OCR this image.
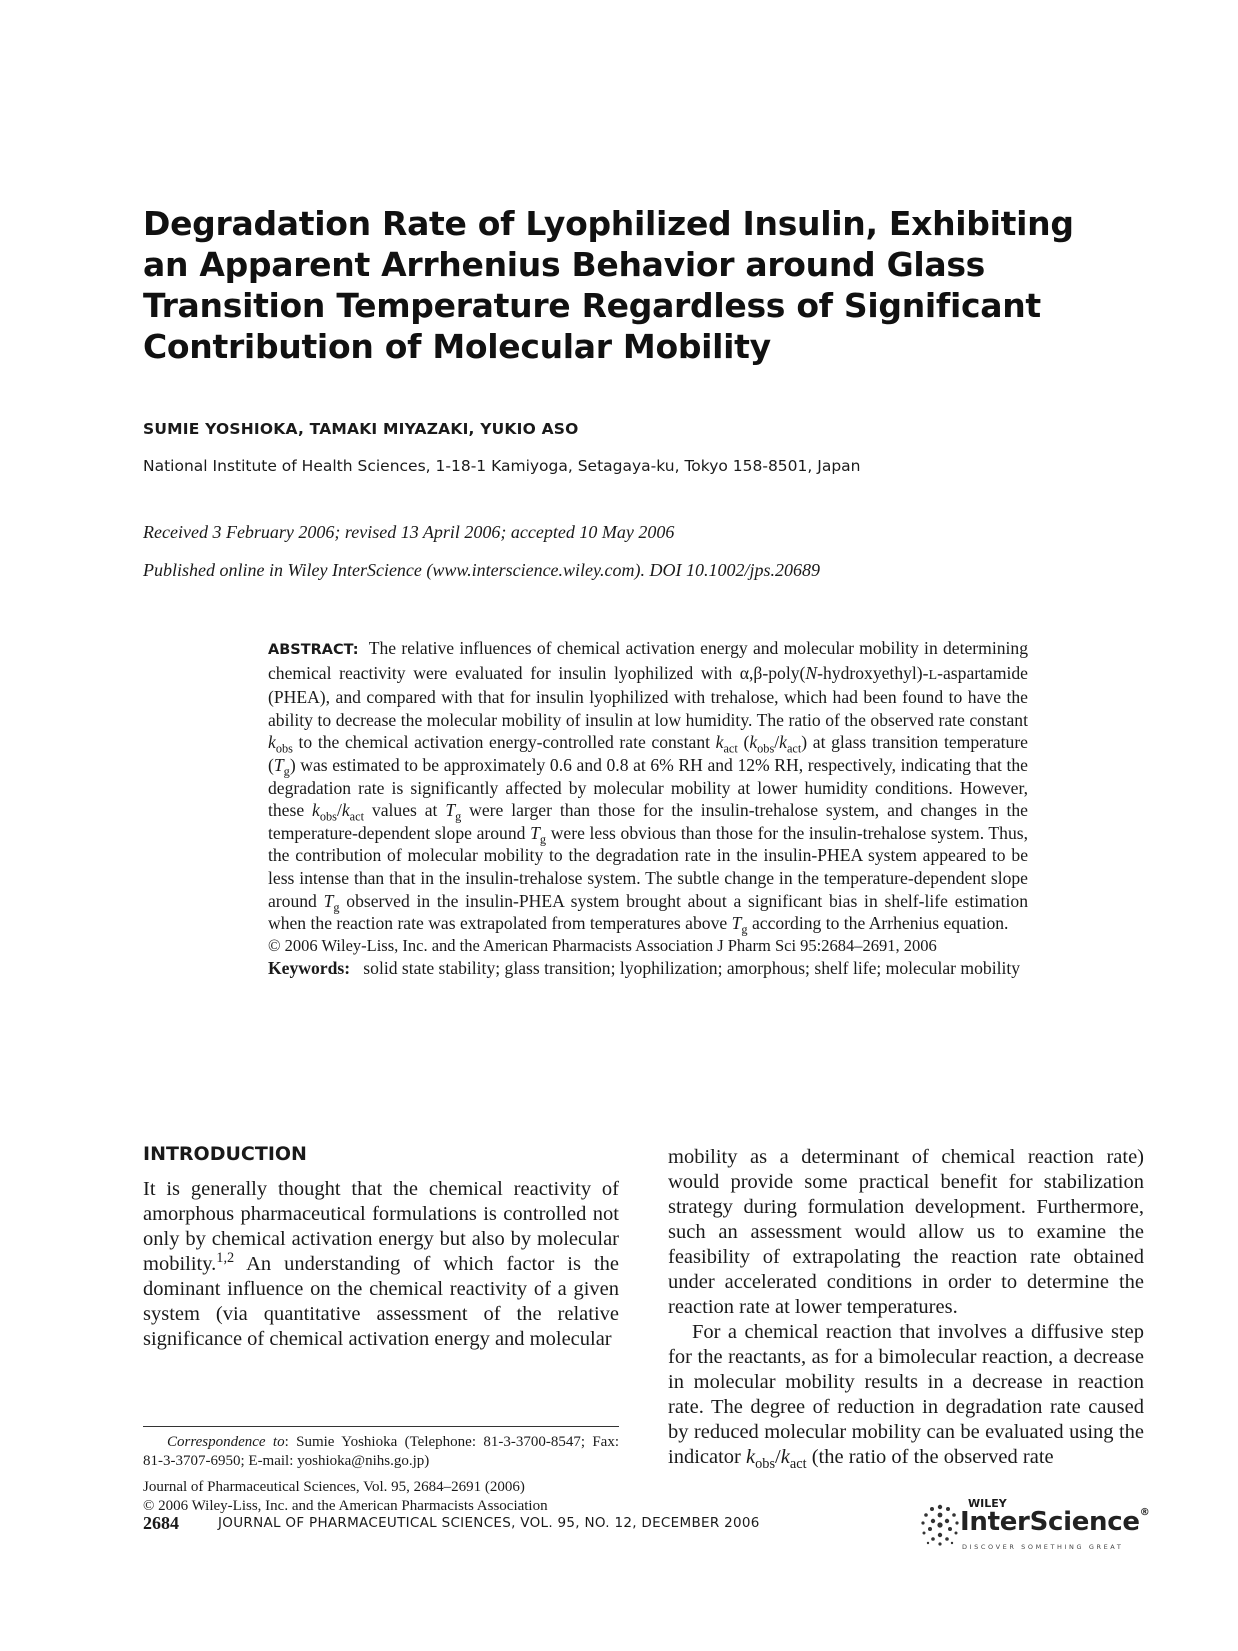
Degradation Rate of Lyophilized Insulin, Exhibiting
an Apparent Arrhenius Behavior around Glass
Transition Temperature Regardless of Significant
Contribution of Molecular Mobility
SUMIE YOSHIOKA, TAMAKI MIYAZAKI, YUKIO ASO
National Institute of Health Sciences, 1-18-1 Kamiyoga, Setagaya-ku, Tokyo 158-8501, Japan
Received 3 February 2006; revised 13 April 2006; accepted 10 May 2006
Published online in Wiley InterScience (www.interscience.wiley.com). DOI 10.1002/jps.20689
ABSTRACT: The relative influences of chemical activation energy and molecular mobility in determining chemical reactivity were evaluated for insulin lyophilized with α,β-poly(N-hydroxyethyl)-L-aspartamide (PHEA), and compared with that for insulin lyophilized with trehalose, which had been found to have the ability to decrease the molecular mobility of insulin at low humidity. The ratio of the observed rate constant $k_{obs}$ to the chemical activation energy-controlled rate constant $k_{act}$ $(k_{obs}/k_{act})$ at glass transition temperature $(T_g)$ was estimated to be approximately 0.6 and 0.8 at 6% RH and 12% RH, respectively, indicating that the degradation rate is significantly affected by molecular mobility at lower humidity conditions. However, these $k_{obs}/k_{act}$ values at $T_g$ were larger than those for the insulin-trehalose system, and changes in the temperature-dependent slope around $T_g$ were less obvious than those for the insulin-trehalose system. Thus, the contribution of molecular mobility to the degradation rate in the insulin-PHEA system appeared to be less intense than that in the insulin-trehalose system. The subtle change in the temperature-dependent slope around $T_g$ observed in the insulin-PHEA system brought about a significant bias in shelf-life estimation when the reaction rate was extrapolated from temperatures above $T_g$ according to the Arrhenius equation.
© 2006 Wiley-Liss, Inc. and the American Pharmacists Association J Pharm Sci 95:2684–2691, 2006
Keywords: solid state stability; glass transition; lyophilization; amorphous; shelf life; molecular mobility
INTRODUCTION
It is generally thought that the chemical reactivity of amorphous pharmaceutical formulations is controlled not only by chemical activation energy but also by molecular mobility.$^{1,2}$ An understanding of which factor is the dominant influence on the chemical reactivity of a given system (via quantitative assessment of the relative significance of chemical activation energy and molecular
mobility as a determinant of chemical reaction rate) would provide some practical benefit for stabilization strategy during formulation development. Furthermore, such an assessment would allow us to examine the feasibility of extrapolating the reaction rate obtained under accelerated conditions in order to determine the reaction rate at lower temperatures.
For a chemical reaction that involves a diffusive step for the reactants, as for a bimolecular reaction, a decrease in molecular mobility results in a decrease in reaction rate. The degree of reduction in degradation rate caused by reduced molecular mobility can be evaluated using the indicator $k_{obs}/k_{act}$ (the ratio of the observed rate
Correspondence to: Sumie Yoshioka (Telephone: 81-3-3700-8547; Fax: 81-3-3707-6950; E-mail: yoshioka@nihs.go.jp)
Journal of Pharmaceutical Sciences, Vol. 95, 2684–2691 (2006)
© 2006 Wiley-Liss, Inc. and the American Pharmacists Association
2684	JOURNAL OF PHARMACEUTICAL SCIENCES, VOL. 95, NO. 12, DECEMBER 2006
WILEY
InterScience®
DISCOVER SOMETHING GREAT
